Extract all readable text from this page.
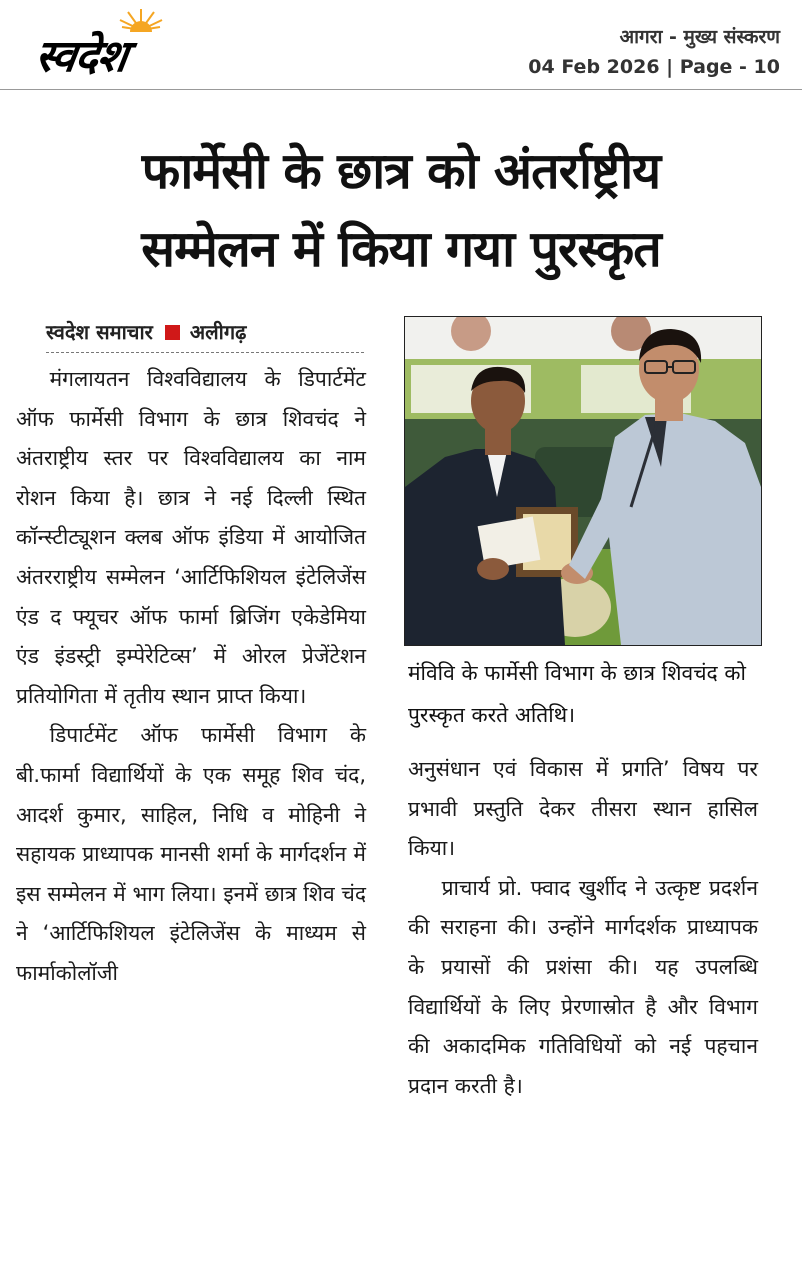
स्वदेश	आगरा - मुख्य संस्करण
04 Feb 2026 | Page - 10
फार्मेसी के छात्र को अंतर्राष्ट्रीय
सम्मेलन में किया गया पुरस्कृत
स्वदेश समाचार अलीगढ़

मंगलायतन विश्वविद्यालय के डिपार्टमेंट ऑफ फार्मेसी विभाग के छात्र शिवचंद ने अंतराष्ट्रीय स्तर पर विश्वविद्यालय का नाम रोशन किया है। छात्र ने नई दिल्ली स्थित कॉन्स्टीट्यूशन क्लब ऑफ इंडिया में आयोजित अंतरराष्ट्रीय सम्मेलन ‘आर्टिफिशियल इंटेलिजेंस एंड द फ्यूचर ऑफ फार्मा ब्रिजिंग एकेडेमिया एंड इंडस्ट्री इम्पेरेटिव्स’ में ओरल प्रेजेंटेशन प्रतियोगिता में तृतीय स्थान प्राप्त किया।

डिपार्टमेंट ऑफ फार्मेसी विभाग के बी.फार्मा विद्यार्थियों के एक समूह शिव चंद, आदर्श कुमार, साहिल, निधि व मोहिनी ने सहायक प्राध्यापक मानसी शर्मा के मार्गदर्शन में इस सम्मेलन में भाग लिया। इनमें छात्र शिव चंद ने ‘आर्टिफिशियल इंटेलिजेंस के माध्यम से फार्माकोलॉजी

मंविवि के फार्मेसी विभाग के छात्र शिवचंद को पुरस्कृत करते अतिथि।

अनुसंधान एवं विकास में प्रगति’ विषय पर प्रभावी प्रस्तुति देकर तीसरा स्थान हासिल किया।

प्राचार्य प्रो. फ्वाद खुर्शीद ने उत्कृष्ट प्रदर्शन की सराहना की। उन्होंने मार्गदर्शक प्राध्यापक के प्रयासों की प्रशंसा की। यह उपलब्धि विद्यार्थियों के लिए प्रेरणास्रोत है और विभाग की अकादमिक गतिविधियों को नई पहचान प्रदान करती है।
